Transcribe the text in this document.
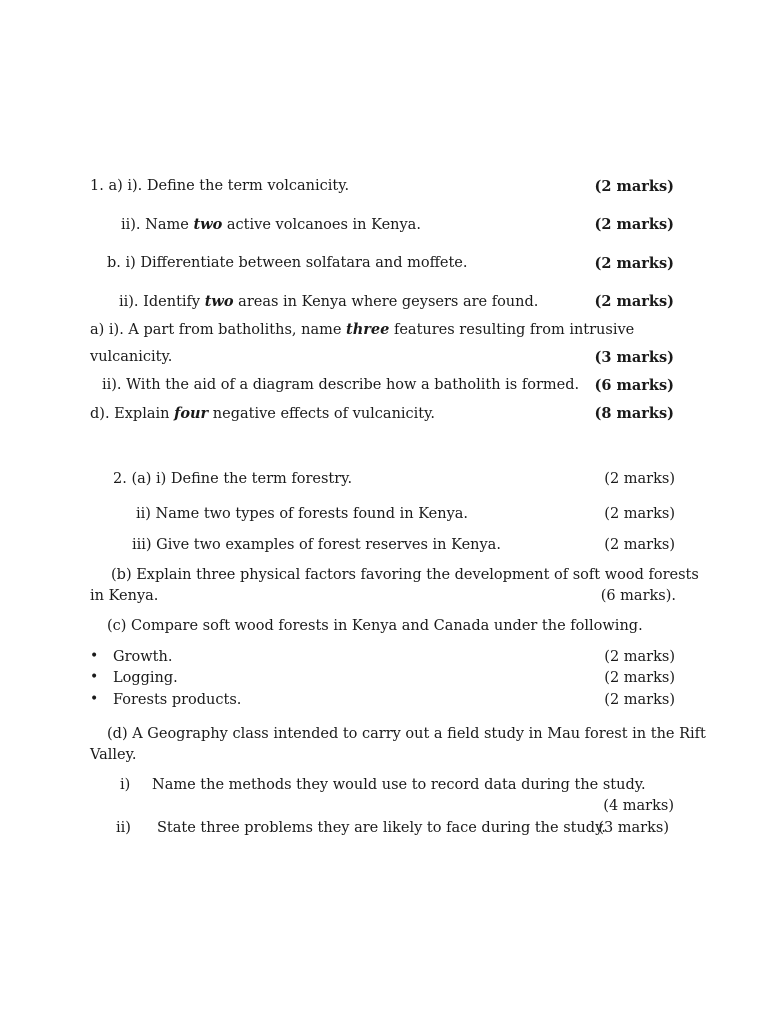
1. a) i). Define the term volcanicity.	(2 marks)
ii). Name two active volcanoes in Kenya.	(2 marks)
b. i) Differentiate between solfatara and moffete.	(2 marks)
ii). Identify two areas in Kenya where geysers are found.	(2 marks)
a) i). A part from batholiths, name three features resulting from intrusive
vulcanicity.	(3 marks)
ii). With the aid of a diagram describe how a batholith is formed. (6 marks)
d). Explain four negative effects of vulcanicity.	(8 marks)
2. (a) i) Define the term forestry.	(2 marks)
ii) Name two types of forests found in Kenya.	(2 marks)
iii) Give two examples of forest reserves in Kenya.	(2 marks)
(b) Explain three physical factors favoring the development of soft wood forests
in Kenya.	(6 marks).
(c) Compare soft wood forests in Kenya and Canada under the following.
• Growth.	(2 marks)
• Logging.	(2 marks)
• Forests products.	(2 marks)
(d) A Geography class intended to carry out a field study in Mau forest in the Rift
Valley.
i) Name the methods they would use to record data during the study.
(4 marks)
ii) State three problems they are likely to face during the study.
(3 marks)
